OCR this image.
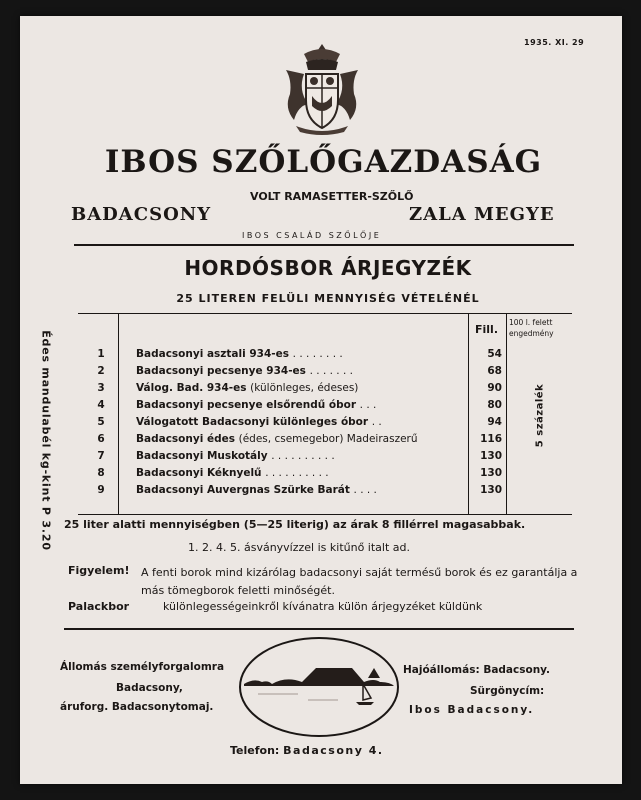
1935. XI. 29
IBOS SZŐLŐGAZDASÁG
VOLT RAMASETTER-SZŐLŐ
BADACSONY	ZALA MEGYE
IBOS CSALÁD SZŐLŐJE
HORDÓSBOR ÁRJEGYZÉK
25 LITEREN FELÜLI MENNYISÉG VÉTELÉNÉL
Édes mandulabél kg-kint P 3.20
Fill.
100 l. felett engedmény
5 százalék
1	Badacsonyi asztali 934-es . . . . . . . .	54
2	Badacsonyi pecsenye 934-es . . . . . . .	68
3	Válog. Bad. 934-es (különleges, édeses)	90
4	Badacsonyi pecsenye elsőrendű óbor . . .	80
5	Válogatott Badacsonyi különleges óbor . .	94
6	Badacsonyi édes (édes, csemegebor) Madeiraszerű	116
7	Badacsonyi Muskotály . . . . . . . . . .	130
8	Badacsonyi Kéknyelű . . . . . . . . . .	130
9	Badacsonyi Auvergnas Szürke Barát . . . .	130
25 liter alatti mennyiségben (5—25 literig) az árak 8 fillérrel magasabbak.
1. 2. 4. 5. ásványvízzel is kitűnő italt ad.
Figyelem! A fenti borok mind kizárólag badacsonyi saját termésű borok és ez garantálja a más tömegborok feletti minőségét.
Palackbor	különlegességeinkről kívánatra külön árjegyzéket küldünk
Állomás személyforgalomra
Badacsony,
áruforg. Badacsonytomaj.
Hajóállomás: Badacsony.
Sürgönycím:
Ibos Badacsony.
Telefon: Badacsony 4.
